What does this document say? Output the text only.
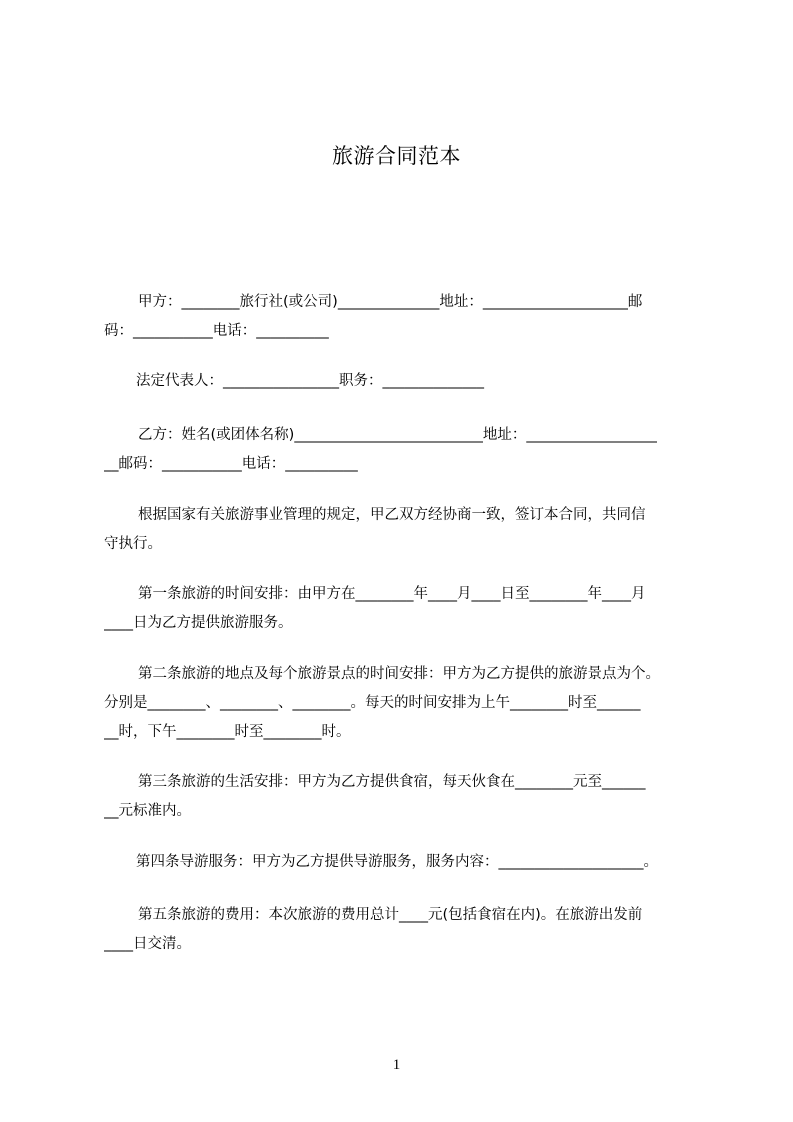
旅游合同范本
甲方：________旅行社(或公司)______________地址：____________________邮
码：___________电话：__________
法定代表人：________________职务：______________
乙方：姓名(或团体名称)__________________________地址：__________________
__邮码：___________电话：__________
根据国家有关旅游事业管理的规定，甲乙双方经协商一致，签订本合同，共同信
守执行。
第一条旅游的时间安排：由甲方在________年____月____日至________年____月
____日为乙方提供旅游服务。
第二条旅游的地点及每个旅游景点的时间安排：甲方为乙方提供的旅游景点为个。
分别是________、________、________。每天的时间安排为上午________时至______
__时，下午________时至________时。
第三条旅游的生活安排：甲方为乙方提供食宿，每天伙食在________元至______
__元标准内。
第四条导游服务：甲方为乙方提供导游服务，服务内容：____________________。
第五条旅游的费用：本次旅游的费用总计____元(包括食宿在内)。在旅游出发前
____日交清。
1
